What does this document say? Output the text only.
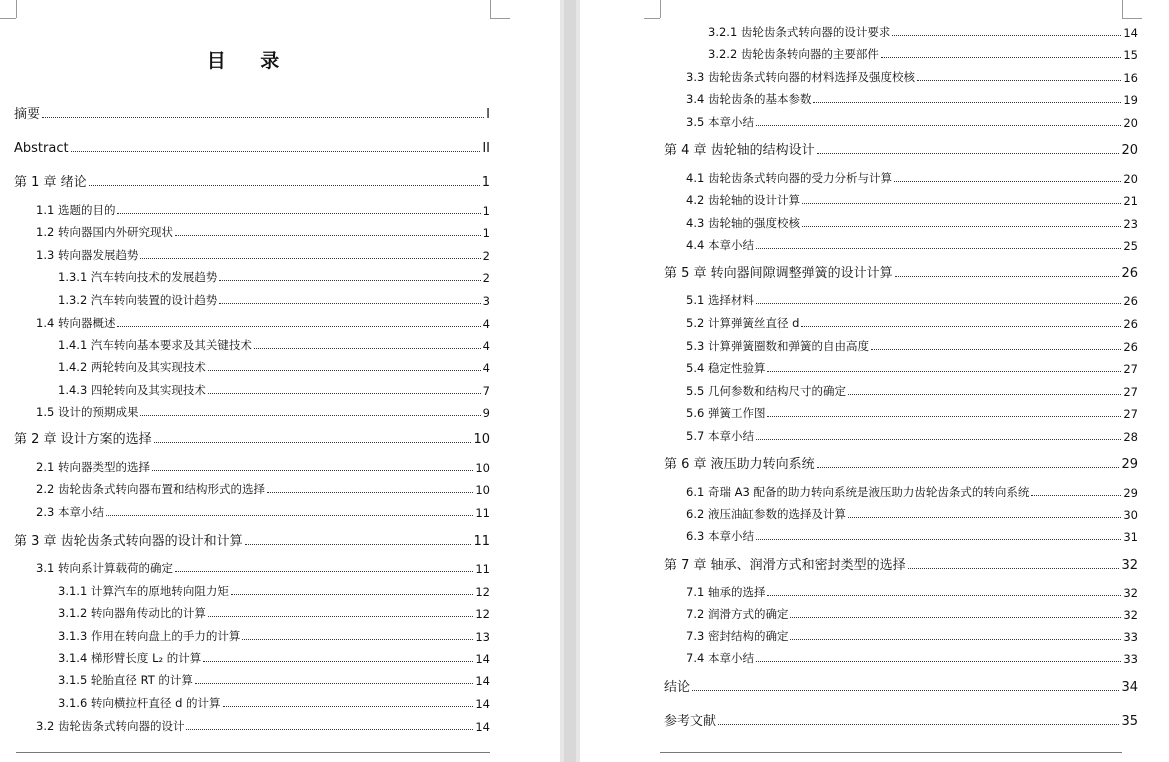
目 录
摘要	I
Abstract	II
第 1 章 绪论	1
1.1 选题的目的	1
1.2 转向器国内外研究现状	1
1.3 转向器发展趋势	2
1.3.1 汽车转向技术的发展趋势	2
1.3.2 汽车转向装置的设计趋势	3
1.4 转向器概述	4
1.4.1 汽车转向基本要求及其关键技术	4
1.4.2 两轮转向及其实现技术	4
1.4.3 四轮转向及其实现技术	7
1.5 设计的预期成果	9
第 2 章 设计方案的选择	10
2.1 转向器类型的选择	10
2.2 齿轮齿条式转向器布置和结构形式的选择	10
2.3 本章小结	11
第 3 章 齿轮齿条式转向器的设计和计算	11
3.1 转向系计算载荷的确定	11
3.1.1 计算汽车的原地转向阻力矩	12
3.1.2 转向器角传动比的计算	12
3.1.3 作用在转向盘上的手力的计算	13
3.1.4 梯形臂长度 L₂ 的计算	14
3.1.5 轮胎直径 RT 的计算	14
3.1.6 转向横拉杆直径 d 的计算	14
3.2 齿轮齿条式转向器的设计	14
3.2.1 齿轮齿条式转向器的设计要求	14
3.2.2 齿轮齿条转向器的主要部件	15
3.3 齿轮齿条式转向器的材料选择及强度校核	16
3.4 齿轮齿条的基本参数	19
3.5 本章小结	20
第 4 章 齿轮轴的结构设计	20
4.1 齿轮齿条式转向器的受力分析与计算	20
4.2 齿轮轴的设计计算	21
4.3 齿轮轴的强度校核	23
4.4 本章小结	25
第 5 章 转向器间隙调整弹簧的设计计算	26
5.1 选择材料	26
5.2 计算弹簧丝直径 d	26
5.3 计算弹簧圈数和弹簧的自由高度	26
5.4 稳定性验算	27
5.5 几何参数和结构尺寸的确定	27
5.6 弹簧工作图	27
5.7 本章小结	28
第 6 章 液压助力转向系统	29
6.1 奇瑞 A3 配备的助力转向系统是液压助力齿轮齿条式的转向系统	29
6.2 液压油缸参数的选择及计算	30
6.3 本章小结	31
第 7 章 轴承、润滑方式和密封类型的选择	32
7.1 轴承的选择	32
7.2 润滑方式的确定	32
7.3 密封结构的确定	33
7.4 本章小结	33
结论	34
参考文献	35
